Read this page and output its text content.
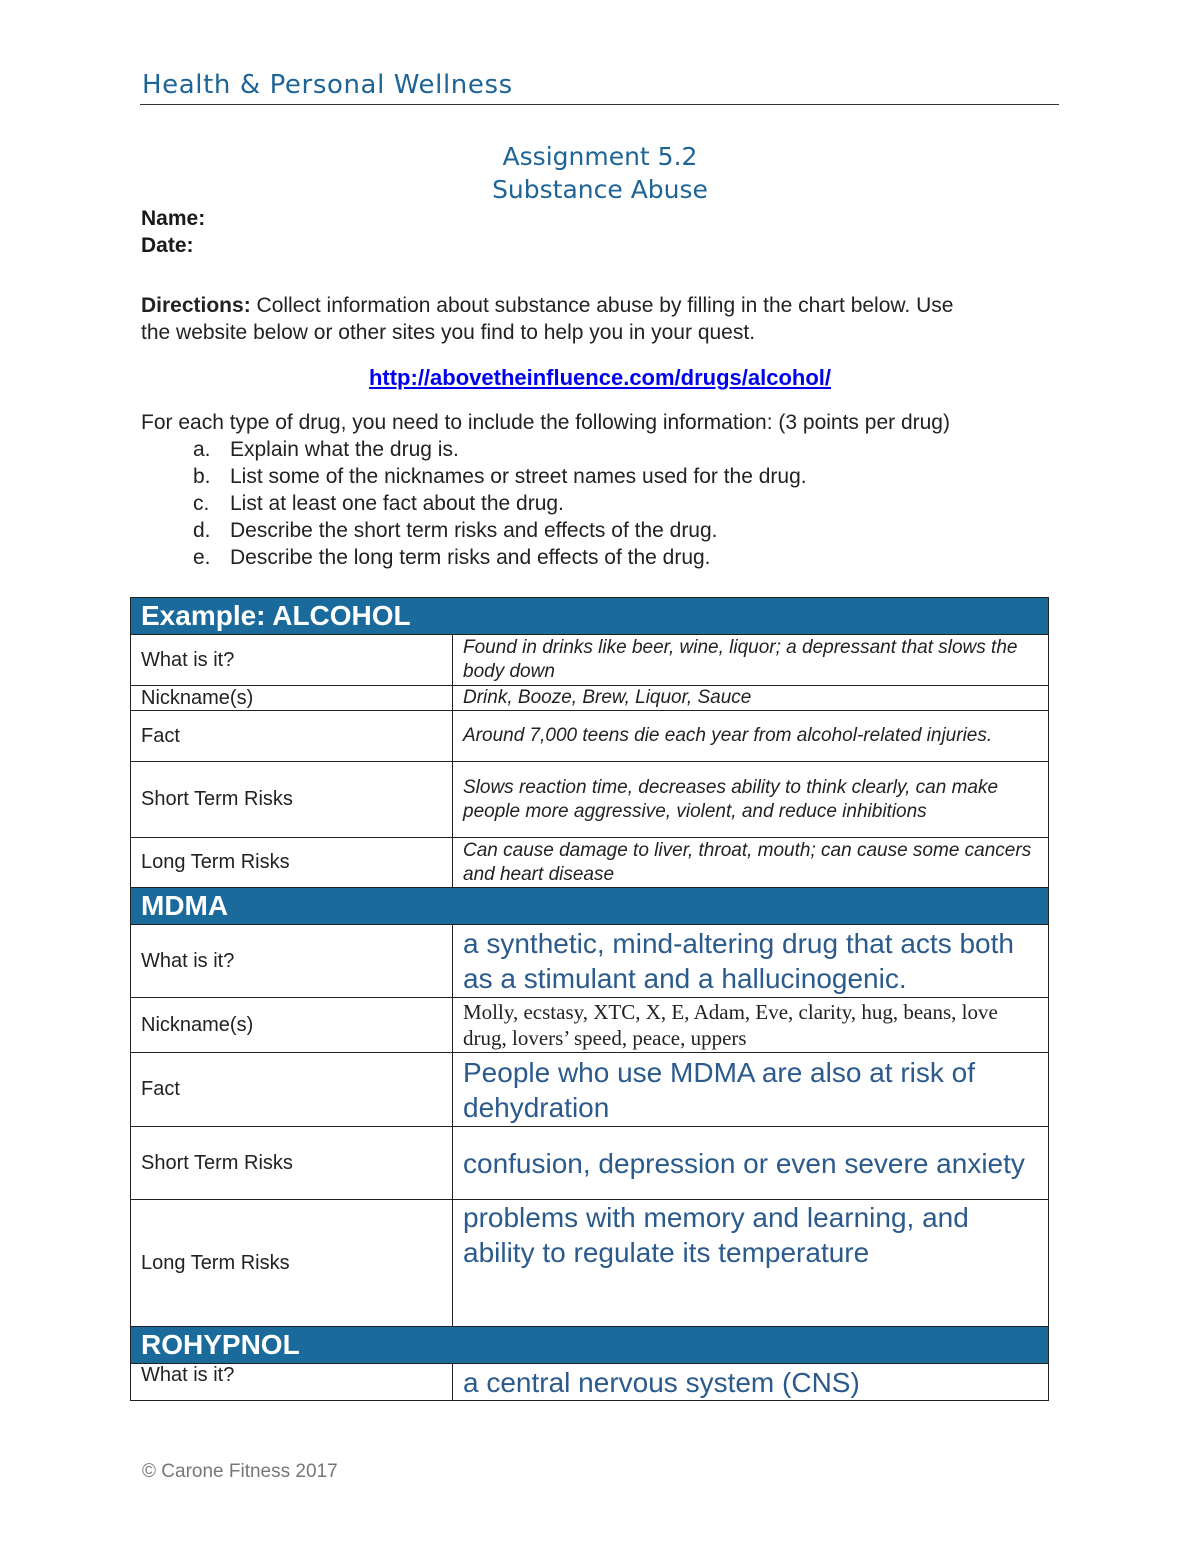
Health & Personal Wellness
Assignment 5.2
Substance Abuse
Name:
Date:
Directions: Collect information about substance abuse by filling in the chart below. Use
the website below or other sites you find to help you in your quest.
http://abovetheinfluence.com/drugs/alcohol/
For each type of drug, you need to include the following information: (3 points per drug)
a. Explain what the drug is.
b. List some of the nicknames or street names used for the drug.
c. List at least one fact about the drug.
d. Describe the short term risks and effects of the drug.
e. Describe the long term risks and effects of the drug.
Example: ALCOHOL	
What is it?	Found in drinks like beer, wine, liquor; a depressant that slows the body down
Nickname(s)	Drink, Booze, Brew, Liquor, Sauce
Fact	Around 7,000 teens die each year from alcohol-related injuries.
Short Term Risks	Slows reaction time, decreases ability to think clearly, can make people more aggressive, violent, and reduce inhibitions
Long Term Risks	Can cause damage to liver, throat, mouth; can cause some cancers and heart disease
MDMA	
What is it?	a synthetic, mind-altering drug that acts both as a stimulant and a hallucinogenic.
Nickname(s)	Molly, ecstasy, XTC, X, E, Adam, Eve, clarity, hug, beans, love drug, lovers’ speed, peace, uppers
Fact	People who use MDMA are also at risk of dehydration
Short Term Risks	confusion, depression or even severe anxiety
Long Term Risks	problems with memory and learning, and ability to regulate its temperature
ROHYPNOL	
What is it?	a central nervous system (CNS)
© Carone Fitness 2017
